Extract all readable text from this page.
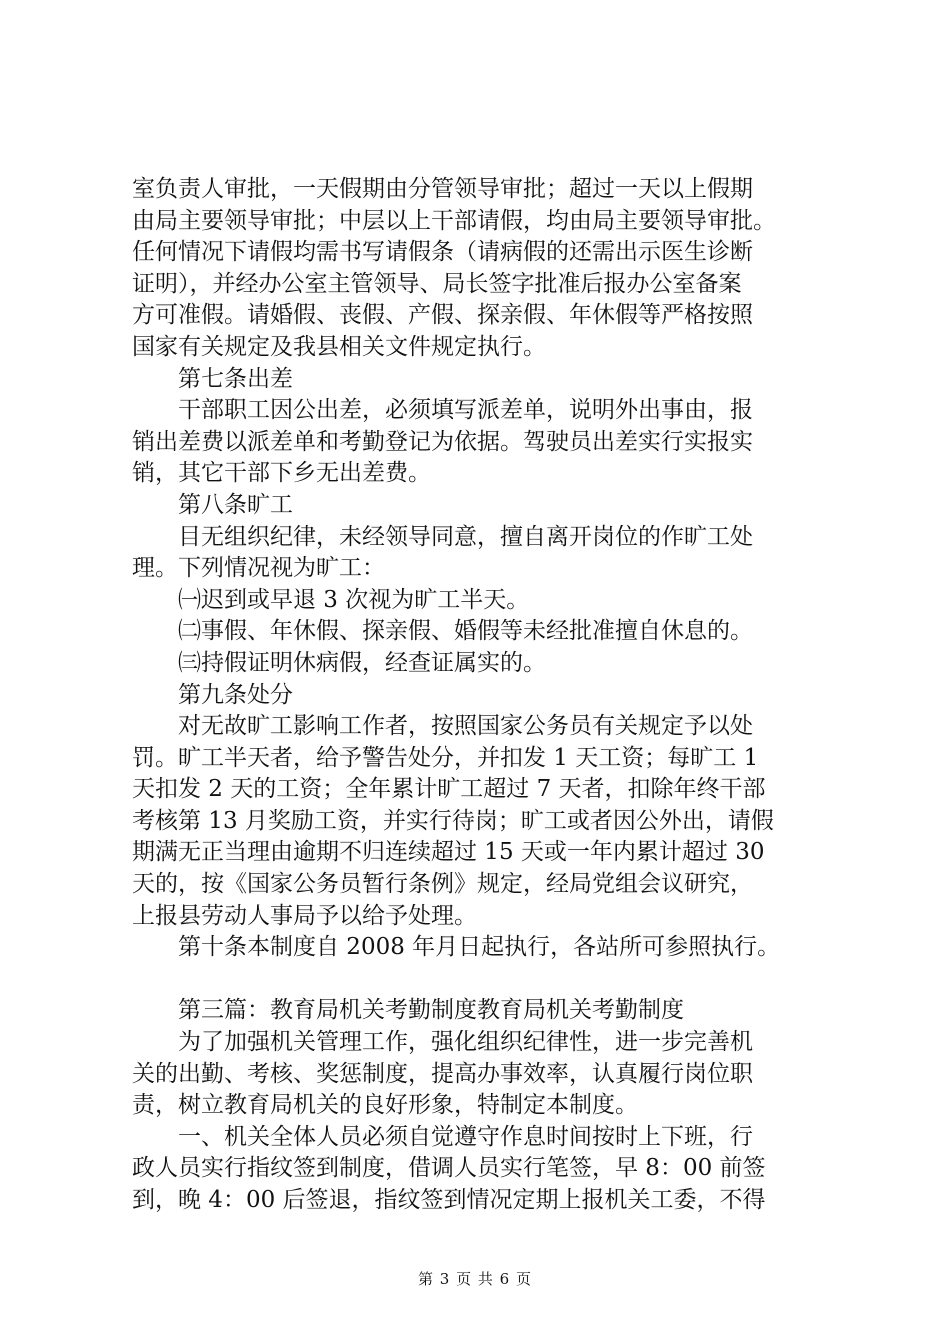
室负责人审批，一天假期由分管领导审批；超过一天以上假期
由局主要领导审批；中层以上干部请假，均由局主要领导审批。
任何情况下请假均需书写请假条（请病假的还需出示医生诊断
证明），并经办公室主管领导、局长签字批准后报办公室备案
方可准假。请婚假、丧假、产假、探亲假、年休假等严格按照
国家有关规定及我县相关文件规定执行。
第七条出差
干部职工因公出差，必须填写派差单，说明外出事由，报
销出差费以派差单和考勤登记为依据。驾驶员出差实行实报实
销，其它干部下乡无出差费。
第八条旷工
目无组织纪律，未经领导同意，擅自离开岗位的作旷工处
理。下列情况视为旷工：
㈠迟到或早退 3 次视为旷工半天。
㈡事假、年休假、探亲假、婚假等未经批准擅自休息的。
㈢持假证明休病假，经查证属实的。
第九条处分
对无故旷工影响工作者，按照国家公务员有关规定予以处
罚。旷工半天者，给予警告处分，并扣发 1 天工资；每旷工 1
天扣发 2 天的工资；全年累计旷工超过 7 天者，扣除年终干部
考核第 13 月奖励工资，并实行待岗；旷工或者因公外出，请假
期满无正当理由逾期不归连续超过 15 天或一年内累计超过 30
天的，按《国家公务员暂行条例》规定，经局党组会议研究，
上报县劳动人事局予以给予处理。
第十条本制度自 2008 年月日起执行，各站所可参照执行。
第三篇：教育局机关考勤制度教育局机关考勤制度
为了加强机关管理工作，强化组织纪律性，进一步完善机
关的出勤、考核、奖惩制度，提高办事效率，认真履行岗位职
责，树立教育局机关的良好形象，特制定本制度。
一、机关全体人员必须自觉遵守作息时间按时上下班，行
政人员实行指纹签到制度，借调人员实行笔签，早 8：00 前签
到，晚 4：00 后签退，指纹签到情况定期上报机关工委，不得
第 3 页 共 6 页
